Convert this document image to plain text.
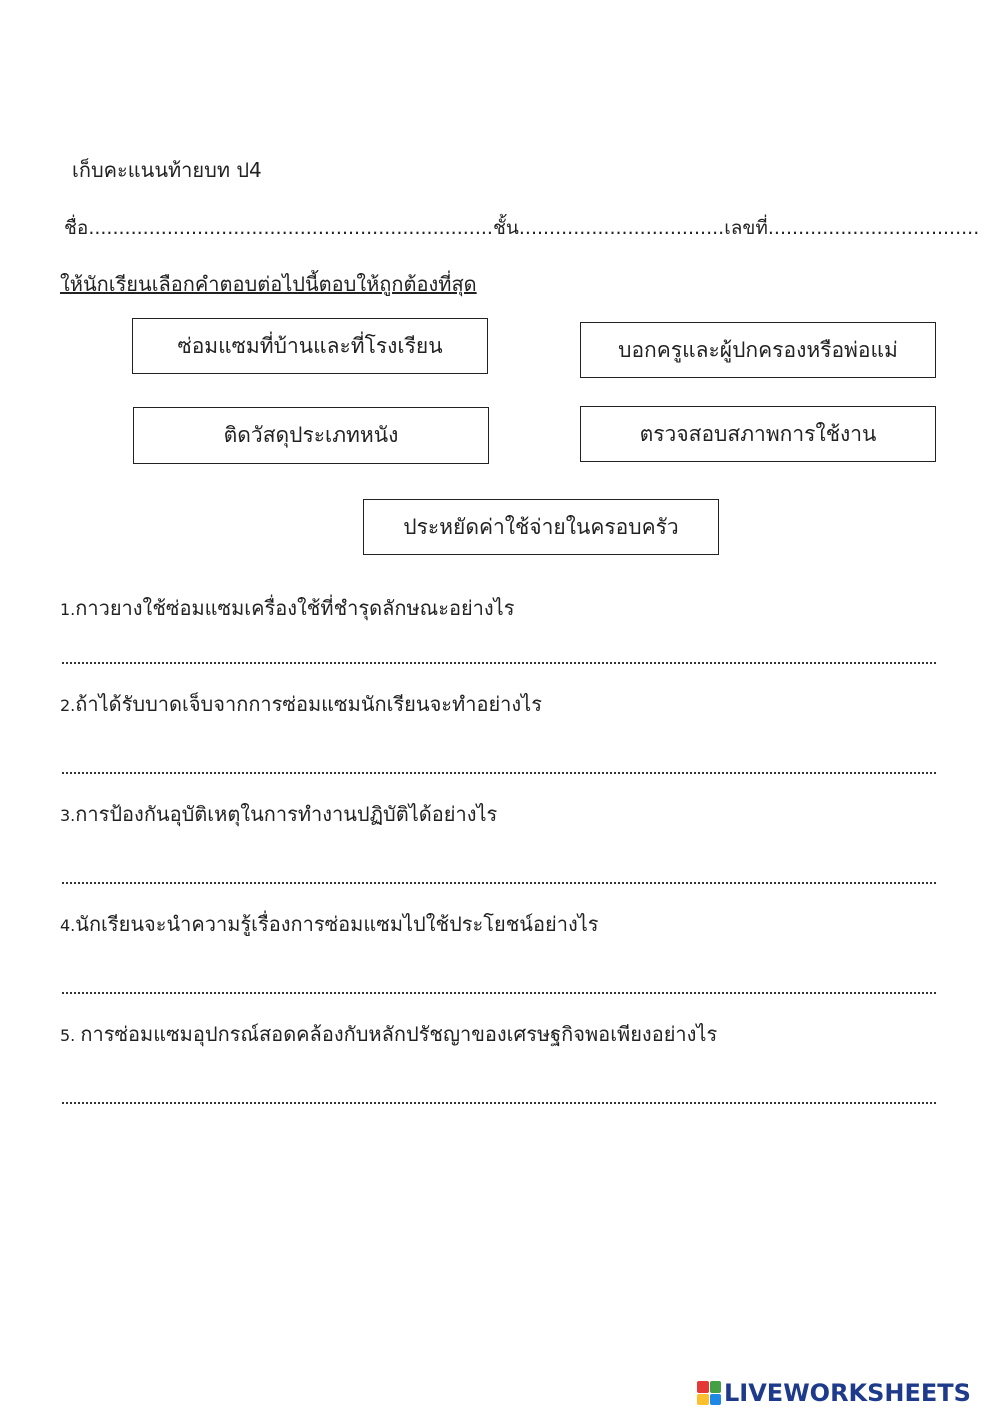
เก็บคะแนนท้ายบท ป4
ชื่อ...................................................................ชั้น..................................เลขที่...................................
ให้นักเรียนเลือกคำตอบต่อไปนี้ตอบให้ถูกต้องที่สุด
ซ่อมแซมที่บ้านและที่โรงเรียน	บอกครูและผู้ปกครองหรือพ่อแม่
ติดวัสดุประเภทหนัง	ตรวจสอบสภาพการใช้งาน
ประหยัดค่าใช้จ่ายในครอบครัว
1.กาวยางใช้ซ่อมแซมเครื่องใช้ที่ชำรุดลักษณะอย่างไร
2.ถ้าได้รับบาดเจ็บจากการซ่อมแซมนักเรียนจะทำอย่างไร
3.การป้องกันอุบัติเหตุในการทำงานปฏิบัติได้อย่างไร
4.นักเรียนจะนำความรู้เรื่องการซ่อมแซมไปใช้ประโยชน์อย่างไร
5. การซ่อมแซมอุปกรณ์สอดคล้องกับหลักปรัชญาของเศรษฐกิจพอเพียงอย่างไร
LIVEWORKSHEETS
